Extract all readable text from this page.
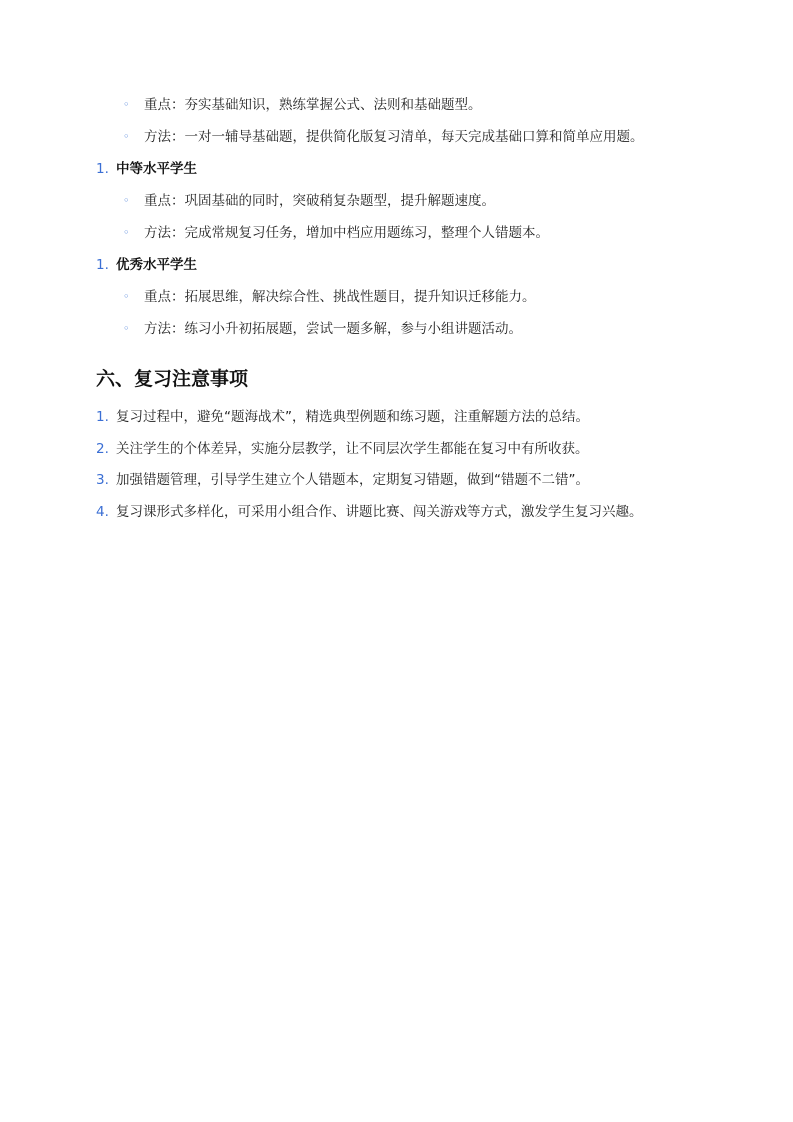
◦ 重点：夯实基础知识，熟练掌握公式、法则和基础题型。
◦ 方法：一对一辅导基础题，提供简化版复习清单，每天完成基础口算和简单应用题。
1. 中等水平学生
◦ 重点：巩固基础的同时，突破稍复杂题型，提升解题速度。
◦ 方法：完成常规复习任务，增加中档应用题练习，整理个人错题本。
1. 优秀水平学生
◦ 重点：拓展思维，解决综合性、挑战性题目，提升知识迁移能力。
◦ 方法：练习小升初拓展题，尝试一题多解，参与小组讲题活动。
六、复习注意事项
1. 复习过程中，避免“题海战术”，精选典型例题和练习题，注重解题方法的总结。
2. 关注学生的个体差异，实施分层教学，让不同层次学生都能在复习中有所收获。
3. 加强错题管理，引导学生建立个人错题本，定期复习错题，做到“错题不二错”。
4. 复习课形式多样化，可采用小组合作、讲题比赛、闯关游戏等方式，激发学生复习兴趣。
